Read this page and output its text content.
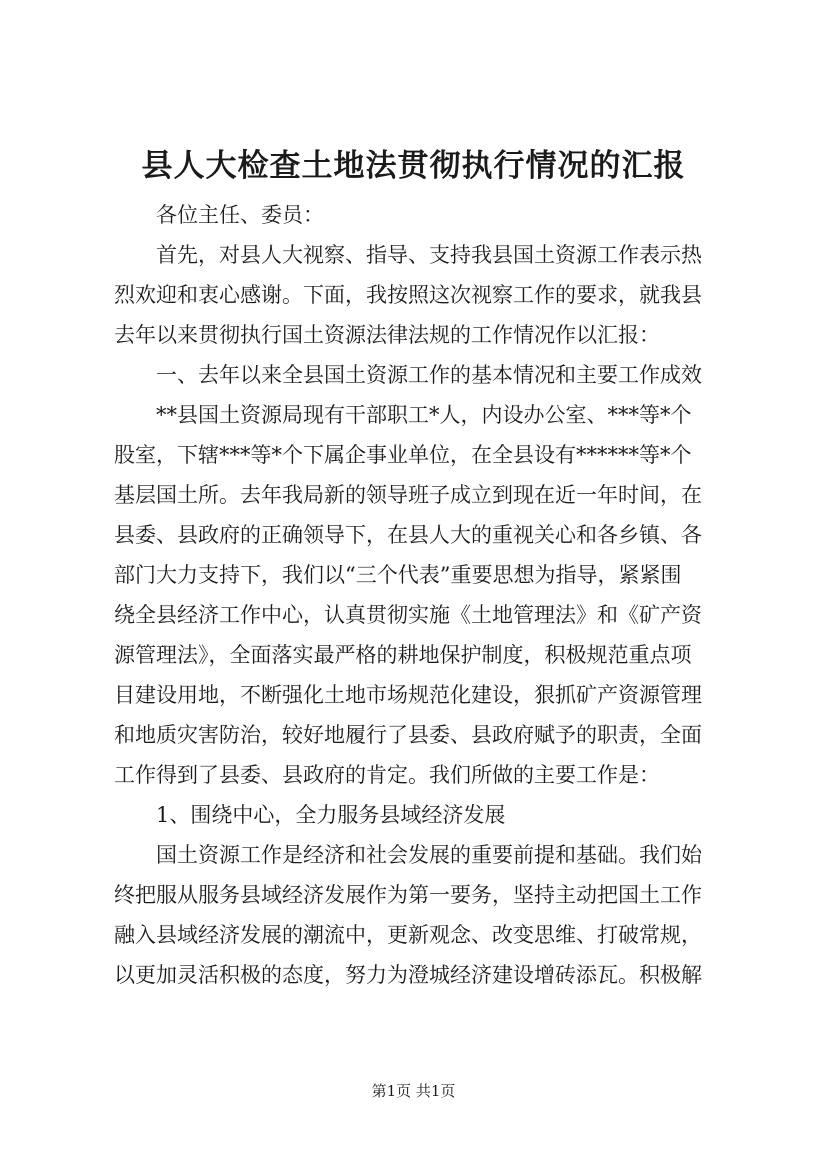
县人大检查土地法贯彻执行情况的汇报
各位主任、委员：
首先，对县人大视察、指导、支持我县国土资源工作表示热
烈欢迎和衷心感谢。下面，我按照这次视察工作的要求，就我县
去年以来贯彻执行国土资源法律法规的工作情况作以汇报：
一、去年以来全县国土资源工作的基本情况和主要工作成效
**县国土资源局现有干部职工*人，内设办公室、***等*个
股室，下辖***等*个下属企事业单位，在全县设有******等*个
基层国土所。去年我局新的领导班子成立到现在近一年时间，在
县委、县政府的正确领导下，在县人大的重视关心和各乡镇、各
部门大力支持下，我们以“三个代表”重要思想为指导，紧紧围
绕全县经济工作中心，认真贯彻实施《土地管理法》和《矿产资
源管理法》，全面落实最严格的耕地保护制度，积极规范重点项
目建设用地，不断强化土地市场规范化建设，狠抓矿产资源管理
和地质灾害防治，较好地履行了县委、县政府赋予的职责，全面
工作得到了县委、县政府的肯定。我们所做的主要工作是：
1、围绕中心，全力服务县域经济发展
国土资源工作是经济和社会发展的重要前提和基础。我们始
终把服从服务县域经济发展作为第一要务，坚持主动把国土工作
融入县域经济发展的潮流中，更新观念、改变思维、打破常规，
以更加灵活积极的态度，努力为澄城经济建设增砖添瓦。积极解
第1页 共1页
